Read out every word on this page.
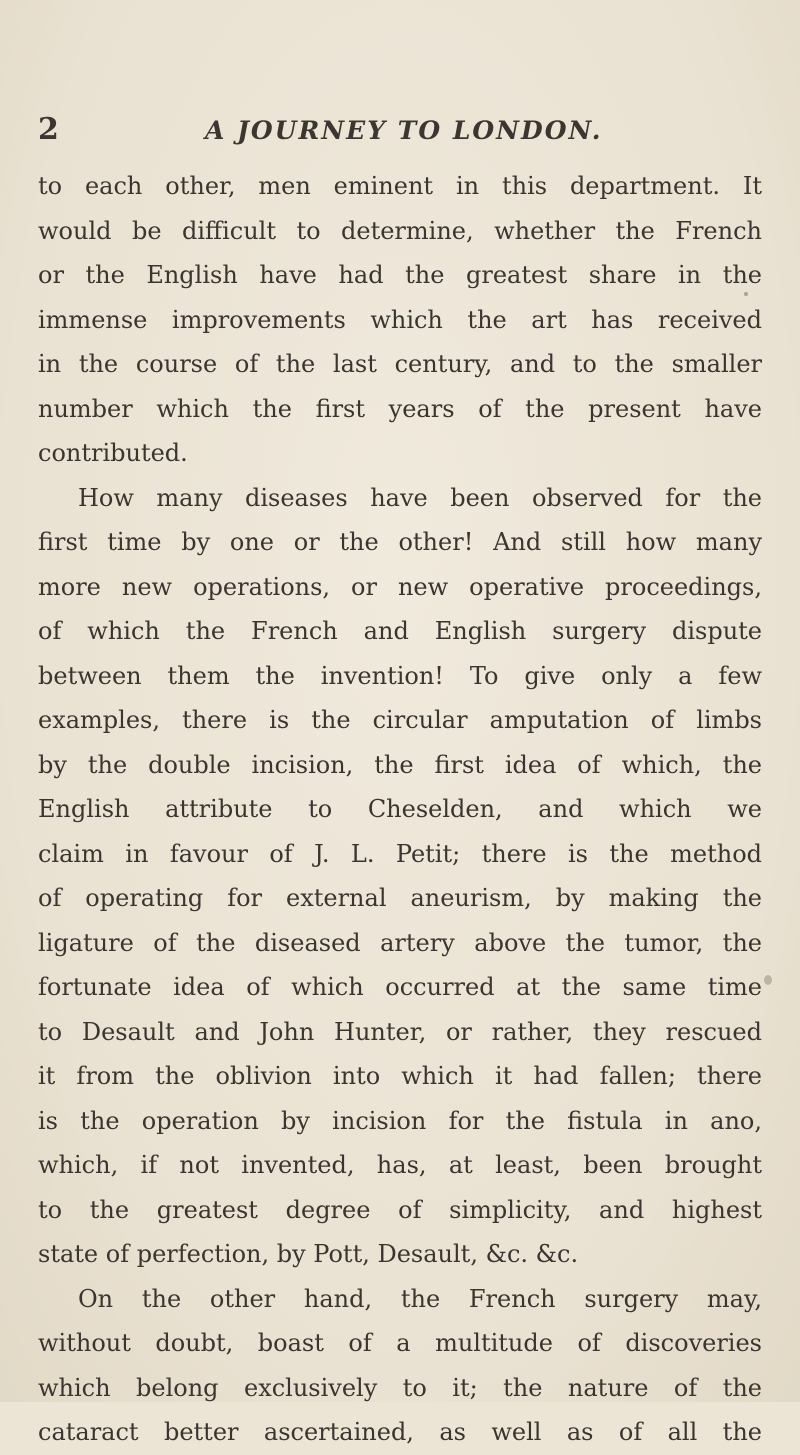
2	A JOURNEY TO LONDON.
to each other, men eminent in this department. It
would be difficult to determine, whether the French
or the English have had the greatest share in the
immense improvements which the art has received
in the course of the last century, and to the smaller
number which the first years of the present have
contributed.
How many diseases have been observed for the
first time by one or the other! And still how many
more new operations, or new operative proceedings,
of which the French and English surgery dispute
between them the invention! To give only a few
examples, there is the circular amputation of limbs
by the double incision, the first idea of which, the
English attribute to Cheselden, and which we
claim in favour of J. L. Petit; there is the method
of operating for external aneurism, by making the
ligature of the diseased artery above the tumor, the
fortunate idea of which occurred at the same time
to Desault and John Hunter, or rather, they rescued
it from the oblivion into which it had fallen; there
is the operation by incision for the fistula in ano,
which, if not invented, has, at least, been brought
to the greatest degree of simplicity, and highest
state of perfection, by Pott, Desault, &c. &c.
On the other hand, the French surgery may,
without doubt, boast of a multitude of discoveries
which belong exclusively to it; the nature of the
cataract better ascertained, as well as of all the
